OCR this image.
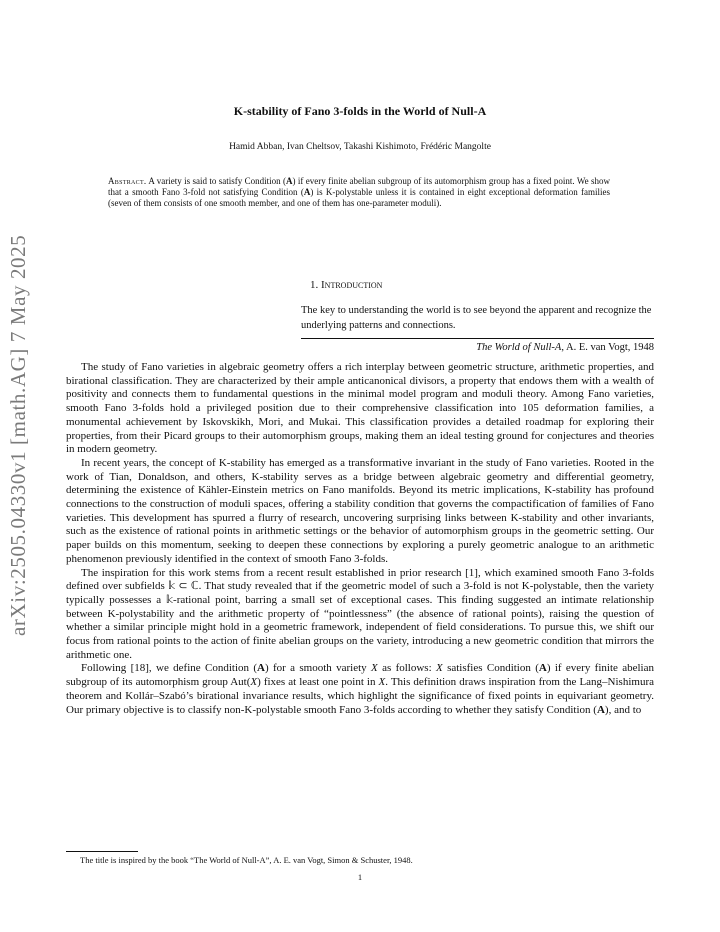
arXiv:2505.04330v1 [math.AG] 7 May 2025
K-stability of Fano 3-folds in the World of Null-A
Hamid Abban, Ivan Cheltsov, Takashi Kishimoto, Frédéric Mangolte
Abstract. A variety is said to satisfy Condition (A) if every finite abelian subgroup of its automorphism group has a fixed point. We show that a smooth Fano 3-fold not satisfying Condition (A) is K-polystable unless it is contained in eight exceptional deformation families (seven of them consists of one smooth member, and one of them has one-parameter moduli).
1. Introduction
The key to understanding the world is to see beyond the apparent and recognize the underlying patterns and connections.
The World of Null-A, A. E. van Vogt, 1948

The study of Fano varieties in algebraic geometry offers a rich interplay between geometric structure, arithmetic properties, and birational classification. They are characterized by their ample anticanonical divisors, a property that endows them with a wealth of positivity and connects them to fundamental questions in the minimal model program and moduli theory. Among Fano varieties, smooth Fano 3-folds hold a privileged position due to their comprehensive classification into 105 deformation families, a monumental achievement by Iskovskikh, Mori, and Mukai. This classification provides a detailed roadmap for exploring their properties, from their Picard groups to their automorphism groups, making them an ideal testing ground for conjectures and theories in modern geometry.

In recent years, the concept of K-stability has emerged as a transformative invariant in the study of Fano varieties. Rooted in the work of Tian, Donaldson, and others, K-stability serves as a bridge between algebraic geometry and differential geometry, determining the existence of Kähler-Einstein metrics on Fano manifolds. Beyond its metric implications, K-stability has profound connections to the construction of moduli spaces, offering a stability condition that governs the compactification of families of Fano varieties. This development has spurred a flurry of research, uncovering surprising links between K-stability and other invariants, such as the existence of rational points in arithmetic settings or the behavior of automorphism groups in the geometric setting. Our paper builds on this momentum, seeking to deepen these connections by exploring a purely geometric analogue to an arithmetic phenomenon previously identified in the context of smooth Fano 3-folds.

The inspiration for this work stems from a recent result established in prior research [1], which examined smooth Fano 3-folds defined over subfields 𝕜 ⊂ ℂ. That study revealed that if the geometric model of such a 3-fold is not K-polystable, then the variety typically possesses a 𝕜-rational point, barring a small set of exceptional cases. This finding suggested an intimate relationship between K-polystability and the arithmetic property of “pointlessness” (the absence of rational points), raising the question of whether a similar principle might hold in a geometric framework, independent of field considerations. To pursue this, we shift our focus from rational points to the action of finite abelian groups on the variety, introducing a new geometric condition that mirrors the arithmetic one.

Following [18], we define Condition (A) for a smooth variety X as follows: X satisfies Condition (A) if every finite abelian subgroup of its automorphism group Aut(X) fixes at least one point in X. This definition draws inspiration from the Lang–Nishimura theorem and Kollár–Szabó’s birational invariance results, which highlight the significance of fixed points in equivariant geometry. Our primary objective is to classify non-K-polystable smooth Fano 3-folds according to whether they satisfy Condition (A), and to

The title is inspired by the book “The World of Null-A”, A. E. van Vogt, Simon & Schuster, 1948.
1
